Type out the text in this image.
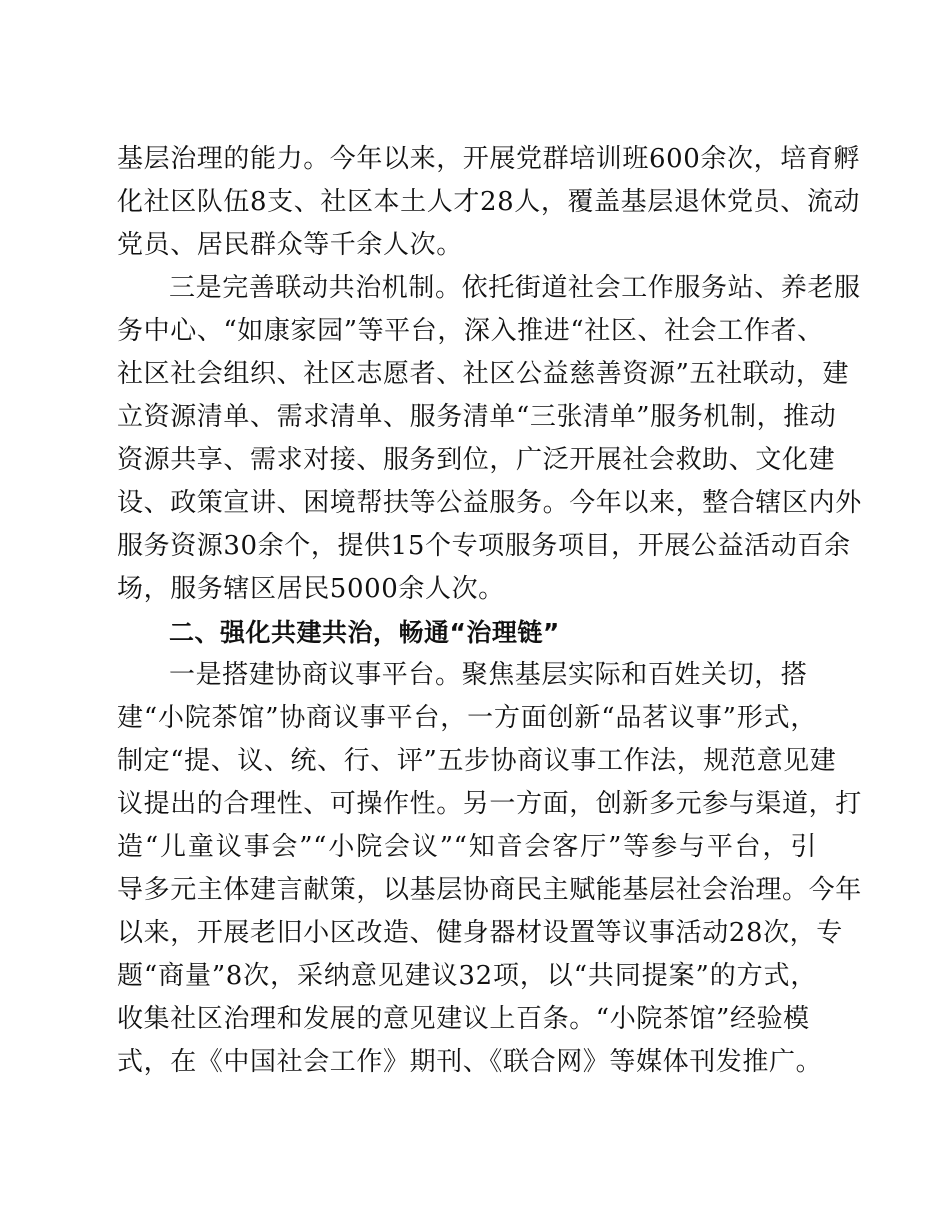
基层治理的能力。今年以来，开展党群培训班600余次，培育孵
化社区队伍8支、社区本土人才28人，覆盖基层退休党员、流动
党员、居民群众等千余人次。
三是完善联动共治机制。依托街道社会工作服务站、养老服
务中心、“如康家园”等平台，深入推进“社区、社会工作者、
社区社会组织、社区志愿者、社区公益慈善资源”五社联动，建
立资源清单、需求清单、服务清单“三张清单”服务机制，推动
资源共享、需求对接、服务到位，广泛开展社会救助、文化建
设、政策宣讲、困境帮扶等公益服务。今年以来，整合辖区内外
服务资源30余个，提供15个专项服务项目，开展公益活动百余
场，服务辖区居民5000余人次。
二、强化共建共治，畅通“治理链”
一是搭建协商议事平台。聚焦基层实际和百姓关切，搭
建“小院茶馆”协商议事平台，一方面创新“品茗议事”形式，
制定“提、议、统、行、评”五步协商议事工作法，规范意见建
议提出的合理性、可操作性。另一方面，创新多元参与渠道，打
造“儿童议事会”“小院会议”“知音会客厅”等参与平台，引
导多元主体建言献策，以基层协商民主赋能基层社会治理。今年
以来，开展老旧小区改造、健身器材设置等议事活动28次，专
题“商量”8次，采纳意见建议32项，以“共同提案”的方式，
收集社区治理和发展的意见建议上百条。“小院茶馆”经验模
式，在《中国社会工作》期刊、《联合网》等媒体刊发推广。
